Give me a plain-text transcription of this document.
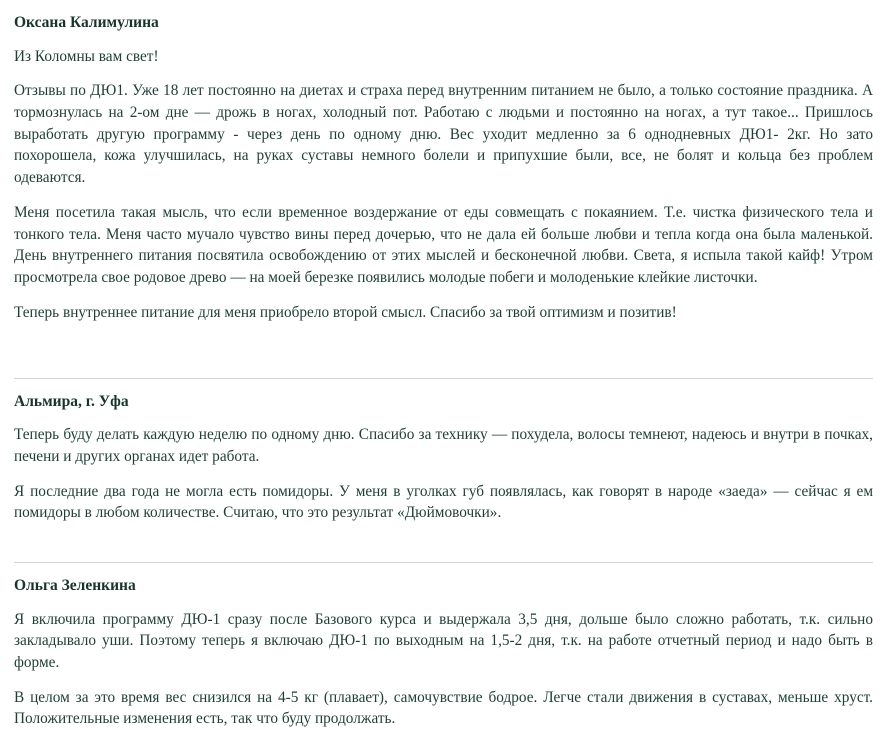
Оксана Калимулина

Из Коломны вам свет!

Отзывы по ДЮ1. Уже 18 лет постоянно на диетах и страха перед внутренним питанием не было, а только состояние праздника. А тормознулась на 2-ом дне — дрожь в ногах, холодный пот. Работаю с людьми и постоянно на ногах, а тут такое... Пришлось выработать другую программу - через день по одному дню. Вес уходит медленно за 6 однодневных ДЮ1- 2кг. Но зато похорошела, кожа улучшилась, на руках суставы немного болели и припухшие были, все, не болят и кольца без проблем одеваются.

Меня посетила такая мысль, что если временное воздержание от еды совмещать с покаянием. Т.е. чистка физического тела и тонкого тела. Меня часто мучало чувство вины перед дочерью, что не дала ей больше любви и тепла когда она была маленькой. День внутреннего питания посвятила освобождению от этих мыслей и бесконечной любви. Света, я испыла такой кайф! Утром просмотрела свое родовое древо — на моей березке появились молодые побеги и молоденькие клейкие листочки.

Теперь внутреннее питание для меня приобрело второй смысл. Спасибо за твой оптимизм и позитив!

Альмира, г. Уфа

Теперь буду делать каждую неделю по одному дню. Спасибо за технику — похудела, волосы темнеют, надеюсь и внутри в почках, печени и других органах идет работа.

Я последние два года не могла есть помидоры. У меня в уголках губ появлялась, как говорят в народе «заеда» — сейчас я ем помидоры в любом количестве. Считаю, что это результат «Дюймовочки».

Ольга Зеленкина

Я включила программу ДЮ-1 сразу после Базового курса и выдержала 3,5 дня, дольше было сложно работать, т.к. сильно закладывало уши. Поэтому теперь я включаю ДЮ-1 по выходным на 1,5-2 дня, т.к. на работе отчетный период и надо быть в форме.

В целом за это время вес снизился на 4-5 кг (плавает), самочувствие бодрое. Легче стали движения в суставах, меньше хруст. Положительные изменения есть, так что буду продолжать.
